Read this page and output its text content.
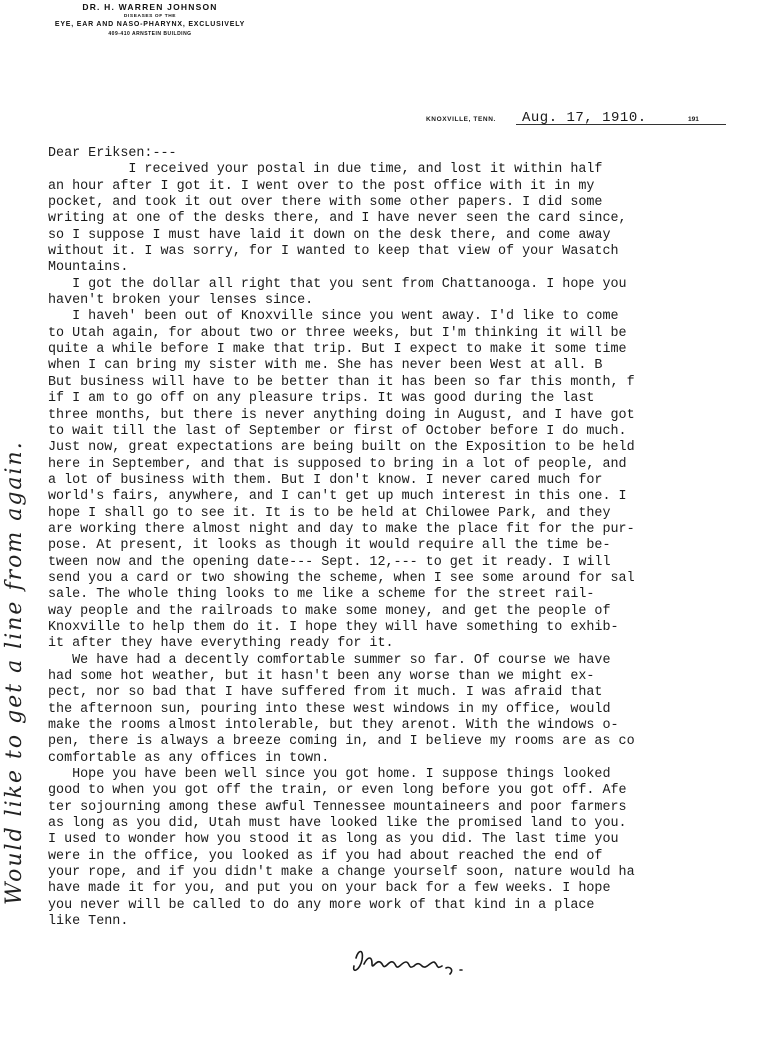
DR. H. WARREN JOHNSON
DISEASES OF THE
EYE, EAR AND NASO-PHARYNX, EXCLUSIVELY
409-410 ARNSTEIN BUILDING
KNOXVILLE, TENN. Aug. 17, 1910.	191
Dear Eriksen:---
I received your postal in due time, and lost it within half
an hour after I got it. I went over to the post office with it in my
pocket, and took it out over there with some other papers. I did some
writing at one of the desks there, and I have never seen the card since,
so I suppose I must have laid it down on the desk there, and come away
without it. I was sorry, for I wanted to keep that view of your Wasatch
Mountains.
I got the dollar all right that you sent from Chattanooga. I hope you
haven't broken your lenses since.
I haveh' been out of Knoxville since you went away. I'd like to come
to Utah again, for about two or three weeks, but I'm thinking it will be
quite a while before I make that trip. But I expect to make it some time
when I can bring my sister with me. She has never been West at all. B
But business will have to be better than it has been so far this month, f
if I am to go off on any pleasure trips. It was good during the last
three months, but there is never anything doing in August, and I have got
to wait till the last of September or first of October before I do much.
Just now, great expectations are being built on the Exposition to be held
here in September, and that is supposed to bring in a lot of people, and
a lot of business with them. But I don't know. I never cared much for
world's fairs, anywhere, and I can't get up much interest in this one. I
hope I shall go to see it. It is to be held at Chilowee Park, and they
are working there almost night and day to make the place fit for the pur-
pose. At present, it looks as though it would require all the time be-
tween now and the opening date--- Sept. 12,--- to get it ready. I will
send you a card or two showing the scheme, when I see some around for sal
sale. The whole thing looks to me like a scheme for the street rail-
way people and the railroads to make some money, and get the people of
Knoxville to help them do it. I hope they will have something to exhib-
it after they have everything ready for it.
We have had a decently comfortable summer so far. Of course we have
had some hot weather, but it hasn't been any worse than we might ex-
pect, nor so bad that I have suffered from it much. I was afraid that
the afternoon sun, pouring into these west windows in my office, would
make the rooms almost intolerable, but they arenot. With the windows o-
pen, there is always a breeze coming in, and I believe my rooms are as co
comfortable as any offices in town.
Hope you have been well since you got home. I suppose things looked
good to when you got off the train, or even long before you got off. Afe
ter sojourning among these awful Tennessee mountaineers and poor farmers
as long as you did, Utah must have looked like the promised land to you.
I used to wonder how you stood it as long as you did. The last time you
were in the office, you looked as if you had about reached the end of
your rope, and if you didn't make a change yourself soon, nature would ha
have made it for you, and put you on your back for a few weeks. I hope
you never will be called to do any more work of that kind in a place
like Tenn.
Would like to get a line from again.
